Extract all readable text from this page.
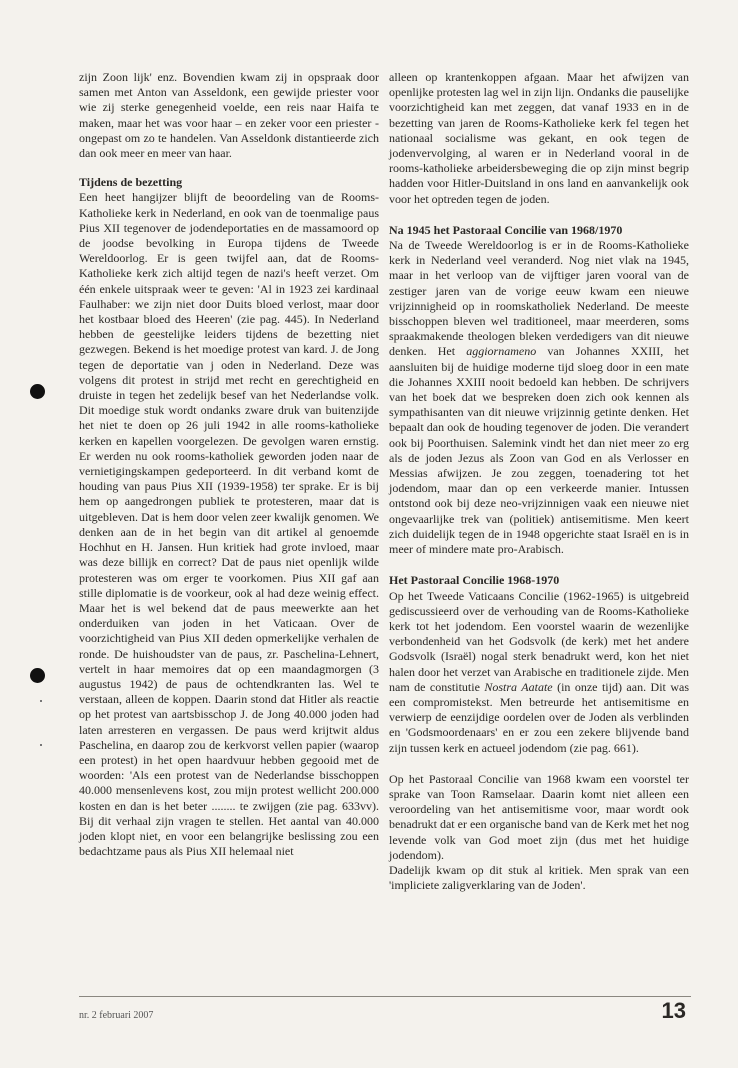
zijn Zoon lijk' enz. Bovendien kwam zij in opspraak door samen met Anton van Asseldonk, een gewijde priester voor wie zij sterke genegenheid voelde, een reis naar Haifa te maken, maar het was voor haar – en zeker voor een priester - ongepast om zo te handelen. Van Asseldonk distantieerde zich dan ook meer en meer van haar.

Tijdens de bezetting

Een heet hangijzer blijft de beoordeling van de Rooms-Katholieke kerk in Nederland, en ook van de toenmalige paus Pius XII tegenover de jodendeportaties en de massamoord op de joodse bevolking in Europa tijdens de Tweede Wereldoorlog. Er is geen twijfel aan, dat de Rooms-Katholieke kerk zich altijd tegen de nazi's heeft verzet. Om één enkele uitspraak weer te geven: 'Al in 1923 zei kardinaal Faulhaber: we zijn niet door Duits bloed verlost, maar door het kostbaar bloed des Heeren' (zie pag. 445). In Nederland hebben de geestelijke leiders tijdens de bezetting niet gezwegen. Bekend is het moedige protest van kard. J. de Jong tegen de deportatie van j oden in Nederland. Deze was volgens dit protest in strijd met recht en gerechtigheid en druiste in tegen het zedelijk besef van het Nederlandse volk. Dit moedige stuk wordt ondanks zware druk van buitenzijde het niet te doen op 26 juli 1942 in alle rooms-katholieke kerken en kapellen voorgelezen. De gevolgen waren ernstig. Er werden nu ook rooms-katholiek geworden joden naar de vernietigingskampen gedeporteerd. In dit verband komt de houding van paus Pius XII (1939-1958) ter sprake. Er is bij hem op aangedrongen publiek te protesteren, maar dat is uitgebleven. Dat is hem door velen zeer kwalijk genomen. We denken aan de in het begin van dit artikel al genoemde Hochhut en H. Jansen. Hun kritiek had grote invloed, maar was deze billijk en correct? Dat de paus niet openlijk wilde protesteren was om erger te voorkomen. Pius XII gaf aan stille diplomatie is de voorkeur, ook al had deze weinig effect. Maar het is wel bekend dat de paus meewerkte aan het onderduiken van joden in het Vaticaan. Over de voorzichtigheid van Pius XII deden opmerkelijke verhalen de ronde. De huishoudster van de paus, zr. Paschelina-Lehnert, vertelt in haar memoires dat op een maandagmorgen (3 augustus 1942) de paus de ochtendkranten las. Wel te verstaan, alleen de koppen. Daarin stond dat Hitler als reactie op het protest van aartsbisschop J. de Jong 40.000 joden had laten arresteren en vergassen. De paus werd krijtwit aldus Paschelina, en daarop zou de kerkvorst vellen papier (waarop een protest) in het open haardvuur hebben gegooid met de woorden: 'Als een protest van de Nederlandse bisschoppen 40.000 mensenlevens kost, zou mijn protest wellicht 200.000 kosten en dan is het beter ........ te zwijgen (zie pag. 633vv). Bij dit verhaal zijn vragen te stellen. Het aantal van 40.000 joden klopt niet, en voor een belangrijke beslissing zou een bedachtzame paus als Pius XII helemaal niet

alleen op krantenkoppen afgaan. Maar het afwijzen van openlijke protesten lag wel in zijn lijn. Ondanks die pauselijke voorzichtigheid kan met zeggen, dat vanaf 1933 en in de bezetting van jaren de Rooms-Katholieke kerk fel tegen het nationaal socialisme was gekant, en ook tegen de jodenvervolging, al waren er in Nederland vooral in de rooms-katholieke arbeidersbeweging die op zijn minst begrip hadden voor Hitler-Duitsland in ons land en aanvankelijk ook voor het optreden tegen de joden.

Na 1945 het Pastoraal Concilie van 1968/1970

Na de Tweede Wereldoorlog is er in de Rooms-Katholieke kerk in Nederland veel veranderd. Nog niet vlak na 1945, maar in het verloop van de vijftiger jaren vooral van de zestiger jaren van de vorige eeuw kwam een nieuwe vrijzinnigheid op in roomskatholiek Nederland. De meeste bisschoppen bleven wel traditioneel, maar meerderen, soms spraakmakende theologen bleken verdedigers van dit nieuwe denken. Het aggiornameno van Johannes XXIII, het aansluiten bij de huidige moderne tijd sloeg door in een mate die Johannes XXIII nooit bedoeld kan hebben. De schrijvers van het boek dat we bespreken doen zich ook kennen als sympathisanten van dit nieuwe vrijzinnig getinte denken. Het bepaalt dan ook de houding tegenover de joden. Die verandert ook bij Poorthuisen. Salemink vindt het dan niet meer zo erg als de joden Jezus als Zoon van God en als Verlosser en Messias afwijzen. Je zou zeggen, toenadering tot het jodendom, maar dan op een verkeerde manier. Intussen ontstond ook bij deze neo-vrijzinnigen vaak een nieuwe niet ongevaarlijke trek van (politiek) antisemitisme. Men keert zich duidelijk tegen de in 1948 opgerichte staat Israël en is in meer of mindere mate pro-Arabisch.

Het Pastoraal Concilie 1968-1970

Op het Tweede Vaticaans Concilie (1962-1965) is uitgebreid gediscussieerd over de verhouding van de Rooms-Katholieke kerk tot het jodendom. Een voorstel waarin de wezenlijke verbondenheid van het Godsvolk (de kerk) met het andere Godsvolk (Israël) nogal sterk benadrukt werd, kon het niet halen door het verzet van Arabische en traditionele zijde. Men nam de constitutie Nostra Aatate (in onze tijd) aan. Dit was een compromistekst. Men betreurde het antisemitisme en verwierp de eenzijdige oordelen over de Joden als verblinden en 'Godsmoordenaars' en er zou een zekere blijvende band zijn tussen kerk en actueel jodendom (zie pag. 661).

Op het Pastoraal Concilie van 1968 kwam een voorstel ter sprake van Toon Ramselaar. Daarin komt niet alleen een veroordeling van het antisemitisme voor, maar wordt ook benadrukt dat er een organische band van de Kerk met het nog levende volk van God moet zijn (dus met het huidige jodendom).

Dadelijk kwam op dit stuk al kritiek. Men sprak van een 'impliciete zaligverklaring van de Joden'.

nr. 2 februari 2007	13
